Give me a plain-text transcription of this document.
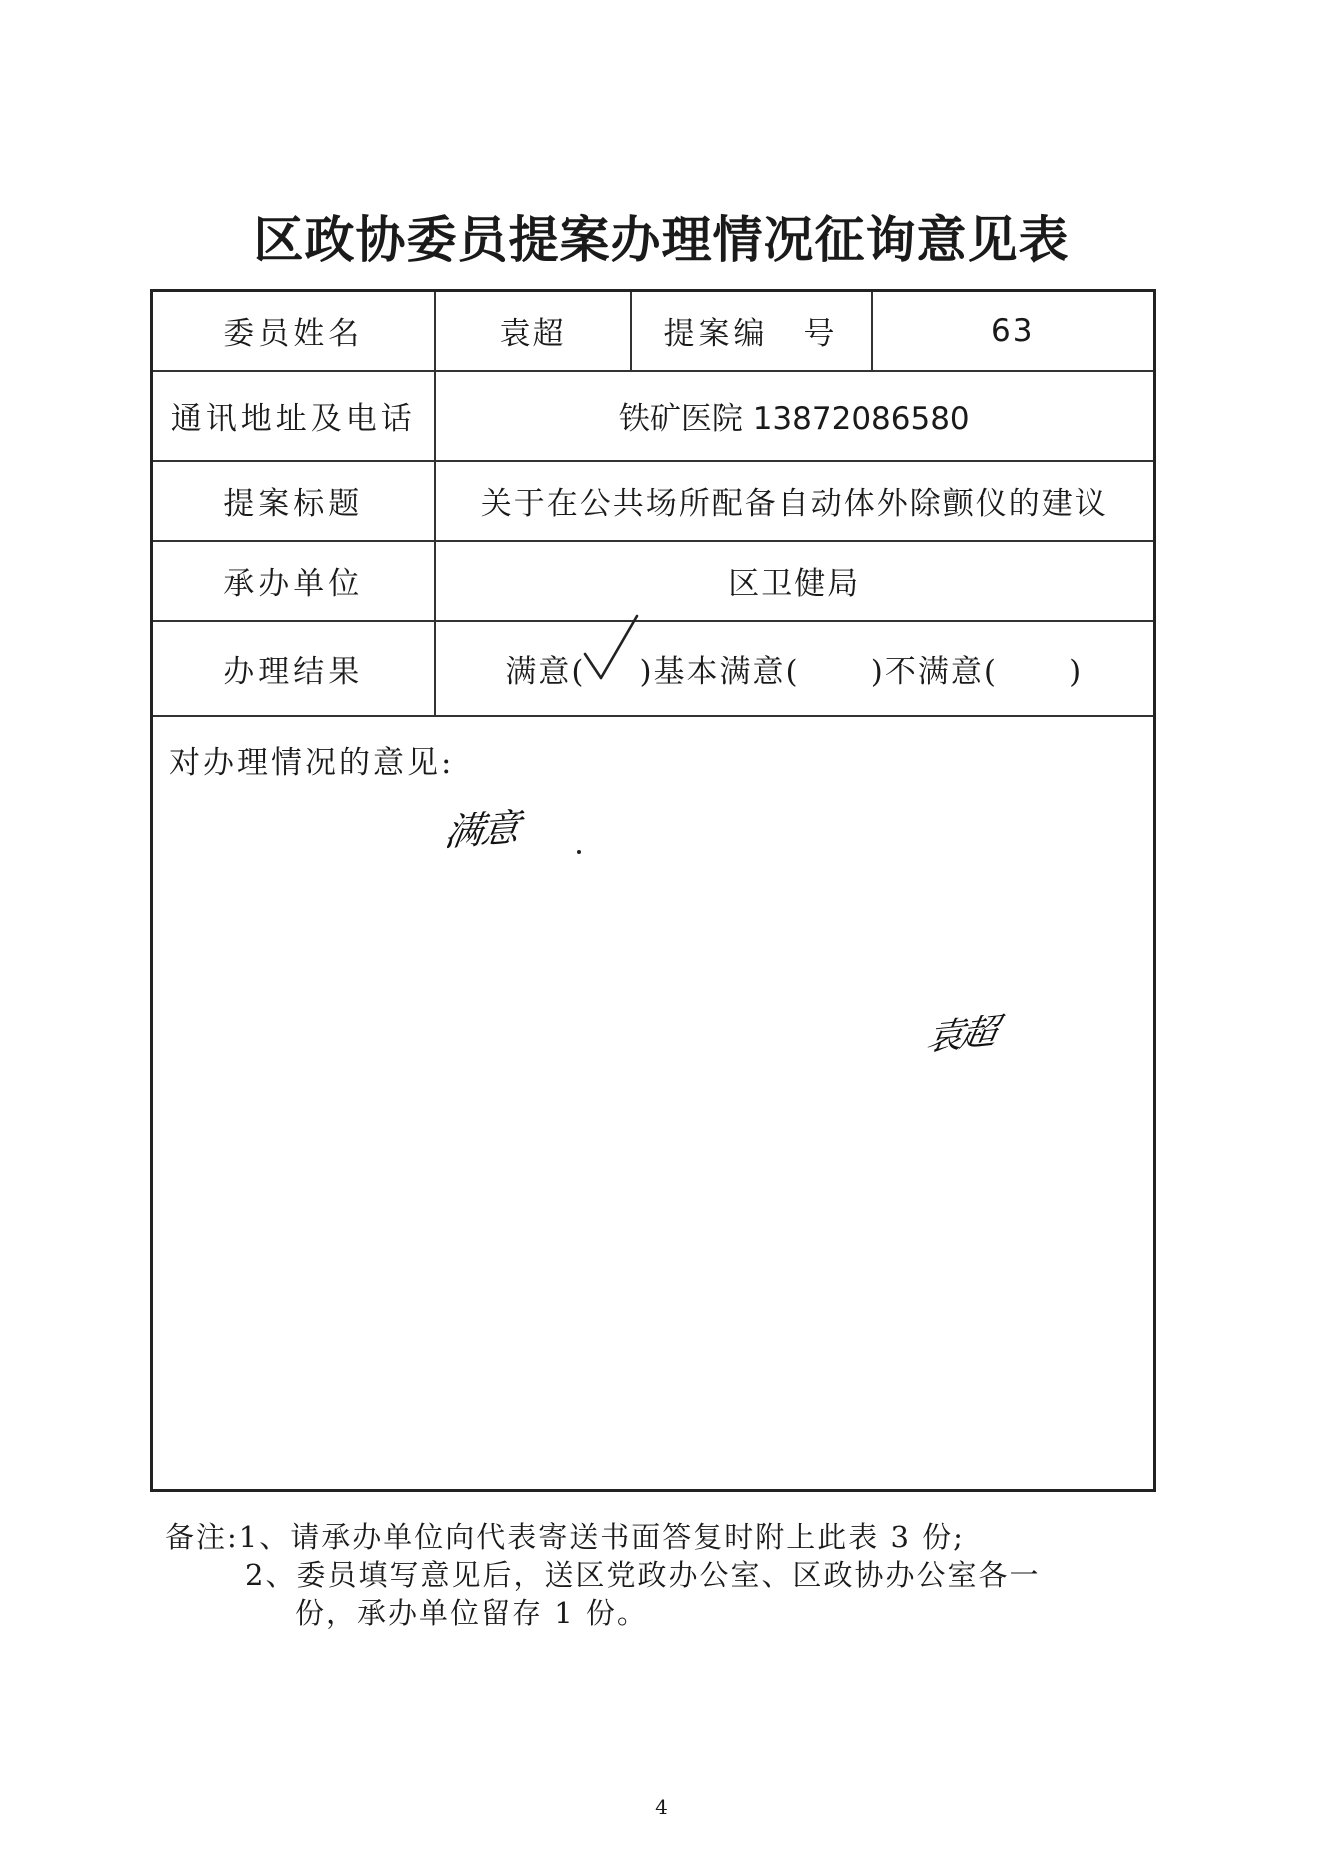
区政协委员提案办理情况征询意见表
委员姓名	袁超	提案编　号	63
通讯地址及电话	铁矿医院 13872086580		
提案标题	关于在公共场所配备自动体外除颤仪的建议		
承办单位	区卫健局		
办理结果	满意( )基本满意(      )不满意(      )		

对办理情况的意见:
满意
袁超			
备注:1、请承办单位向代表寄送书面答复时附上此表 3 份;
2、委员填写意见后，送区党政办公室、区政协办公室各一
份，承办单位留存 1 份。
4
